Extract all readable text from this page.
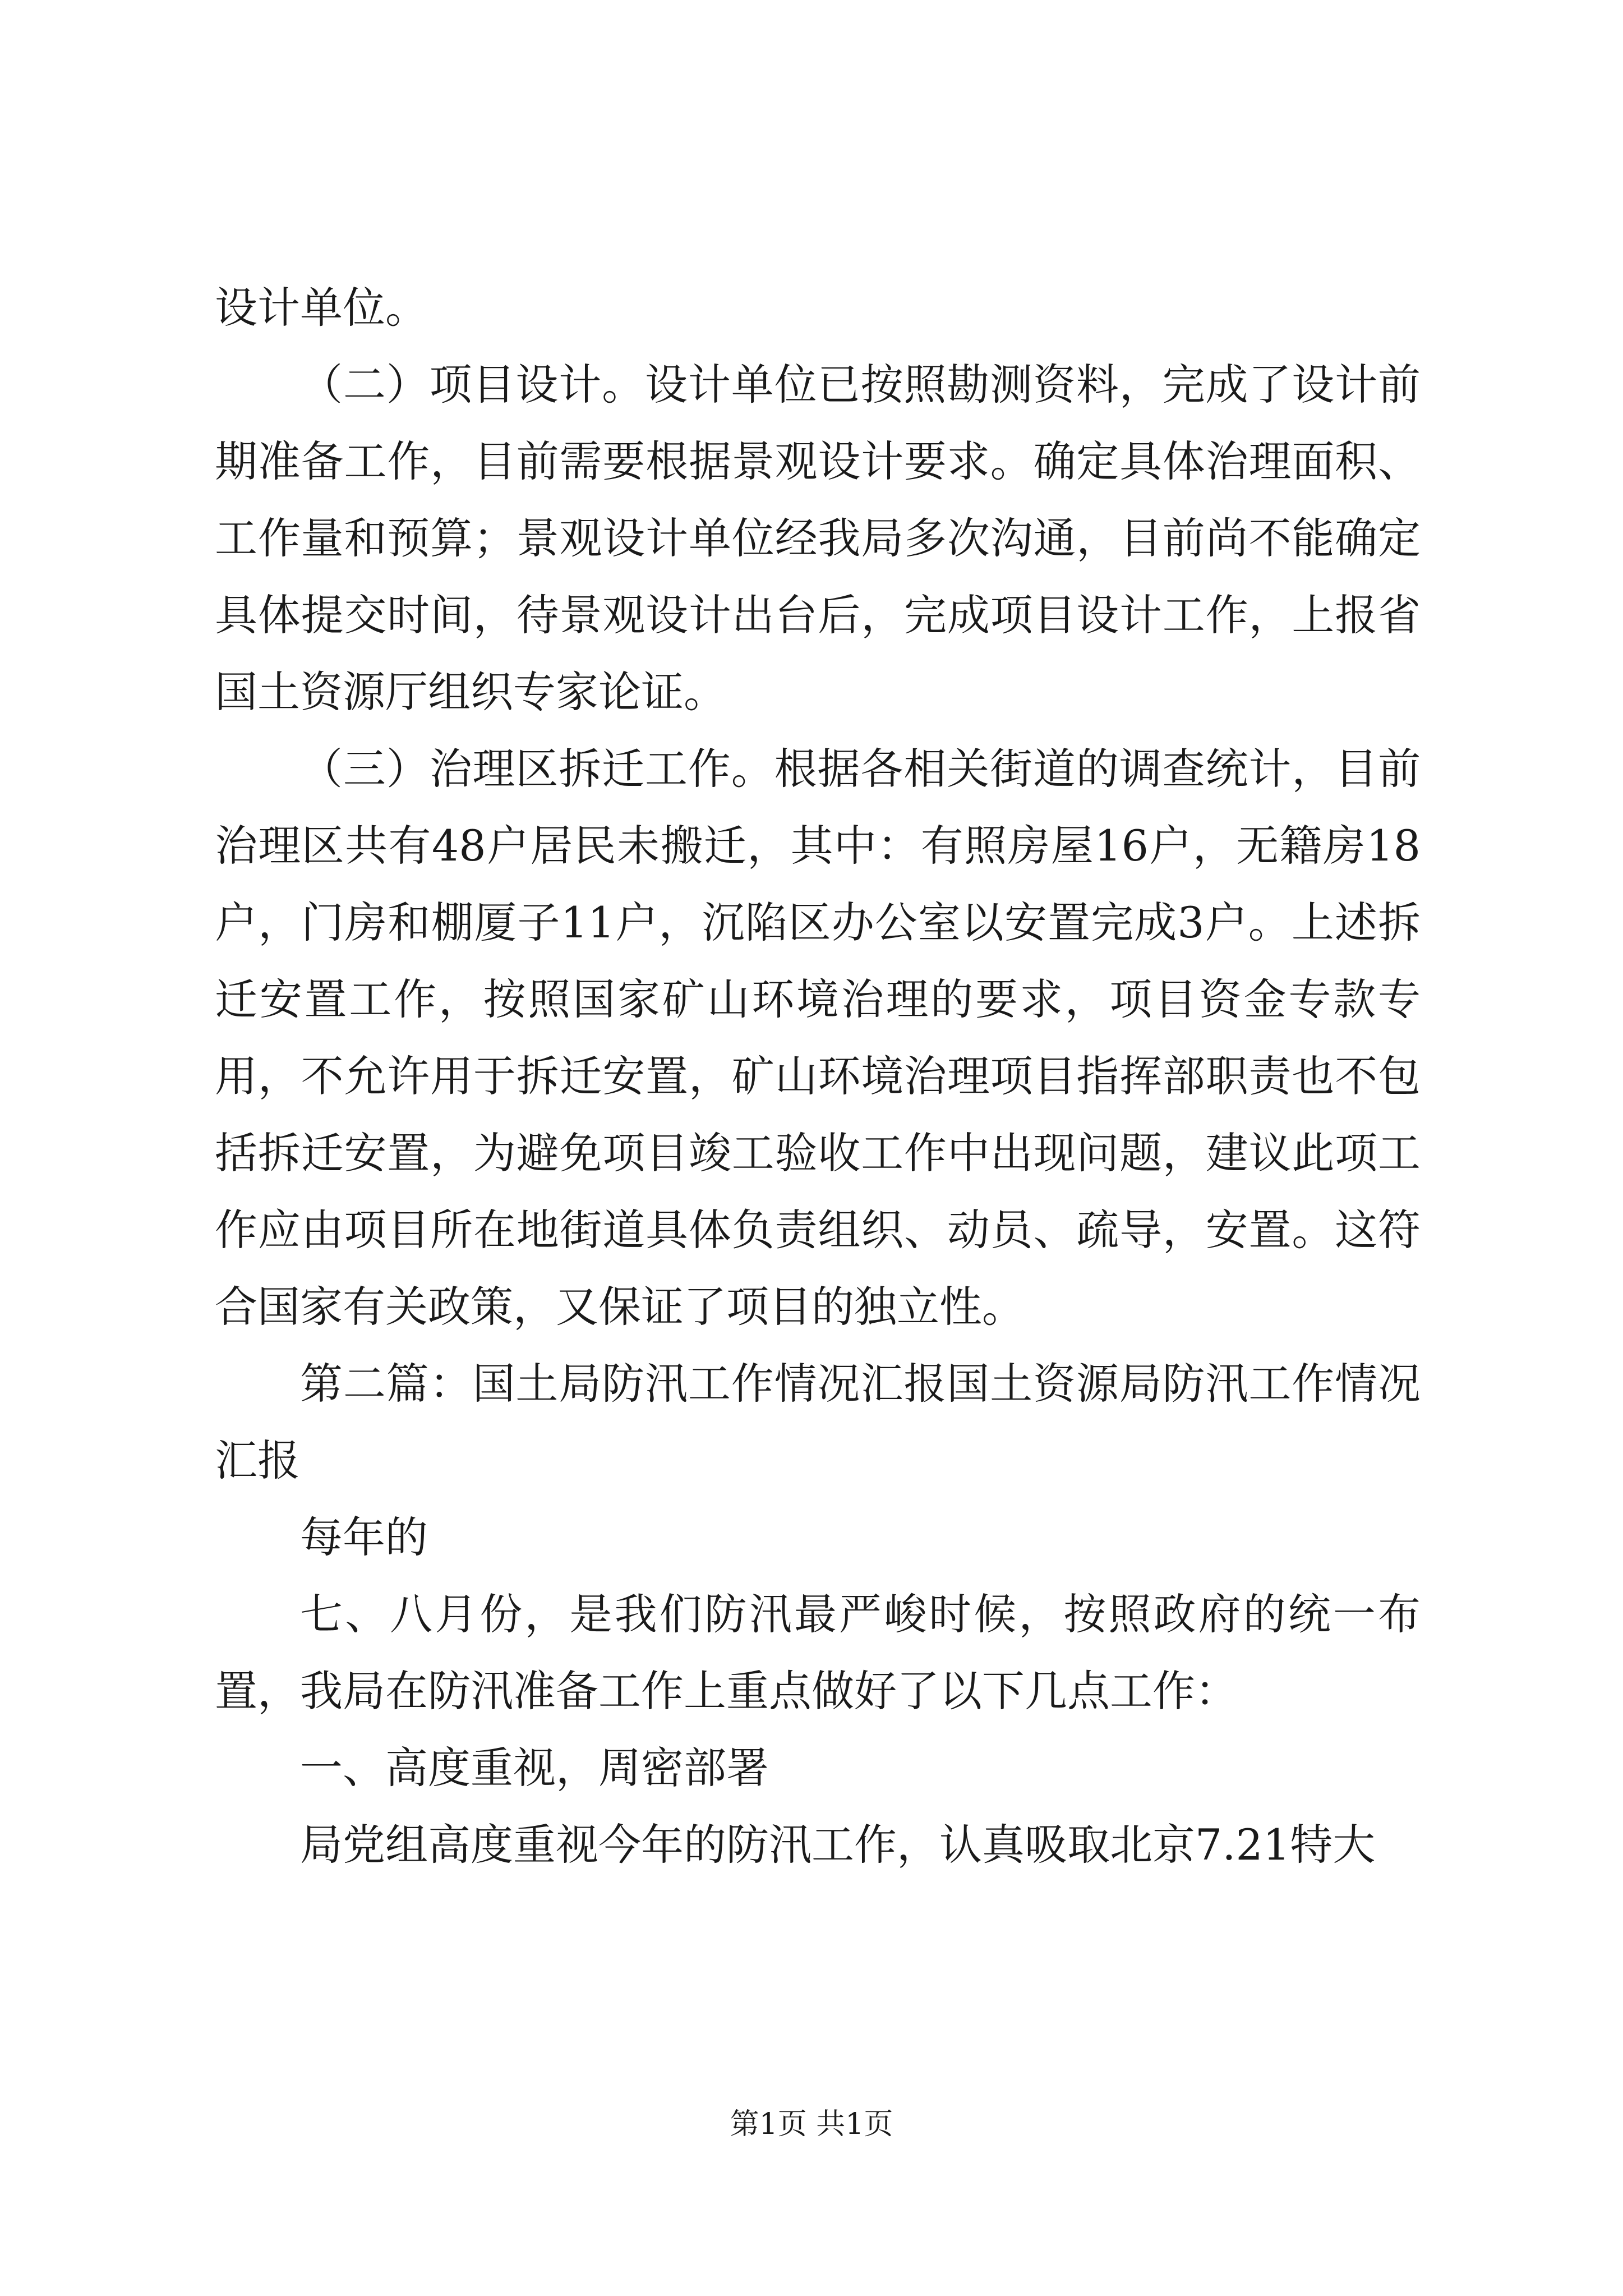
设计单位。

（二）项目设计。设计单位已按照勘测资料，完成了设计前期准备工作，目前需要根据景观设计要求。确定具体治理面积、工作量和预算；景观设计单位经我局多次沟通，目前尚不能确定具体提交时间，待景观设计出台后，完成项目设计工作，上报省国土资源厅组织专家论证。

（三）治理区拆迁工作。根据各相关街道的调查统计，目前治理区共有48户居民未搬迁，其中：有照房屋16户，无籍房18户，门房和棚厦子11户，沉陷区办公室以安置完成3户。上述拆迁安置工作，按照国家矿山环境治理的要求，项目资金专款专用，不允许用于拆迁安置，矿山环境治理项目指挥部职责也不包括拆迁安置，为避免项目竣工验收工作中出现问题，建议此项工作应由项目所在地街道具体负责组织、动员、疏导，安置。这符合国家有关政策，又保证了项目的独立性。

第二篇：国土局防汛工作情况汇报国土资源局防汛工作情况汇报

每年的

七、八月份，是我们防汛最严峻时候，按照政府的统一布置，我局在防汛准备工作上重点做好了以下几点工作：

一、高度重视，周密部署

局党组高度重视今年的防汛工作，认真吸取北京7.21特大

第1页 共1页
